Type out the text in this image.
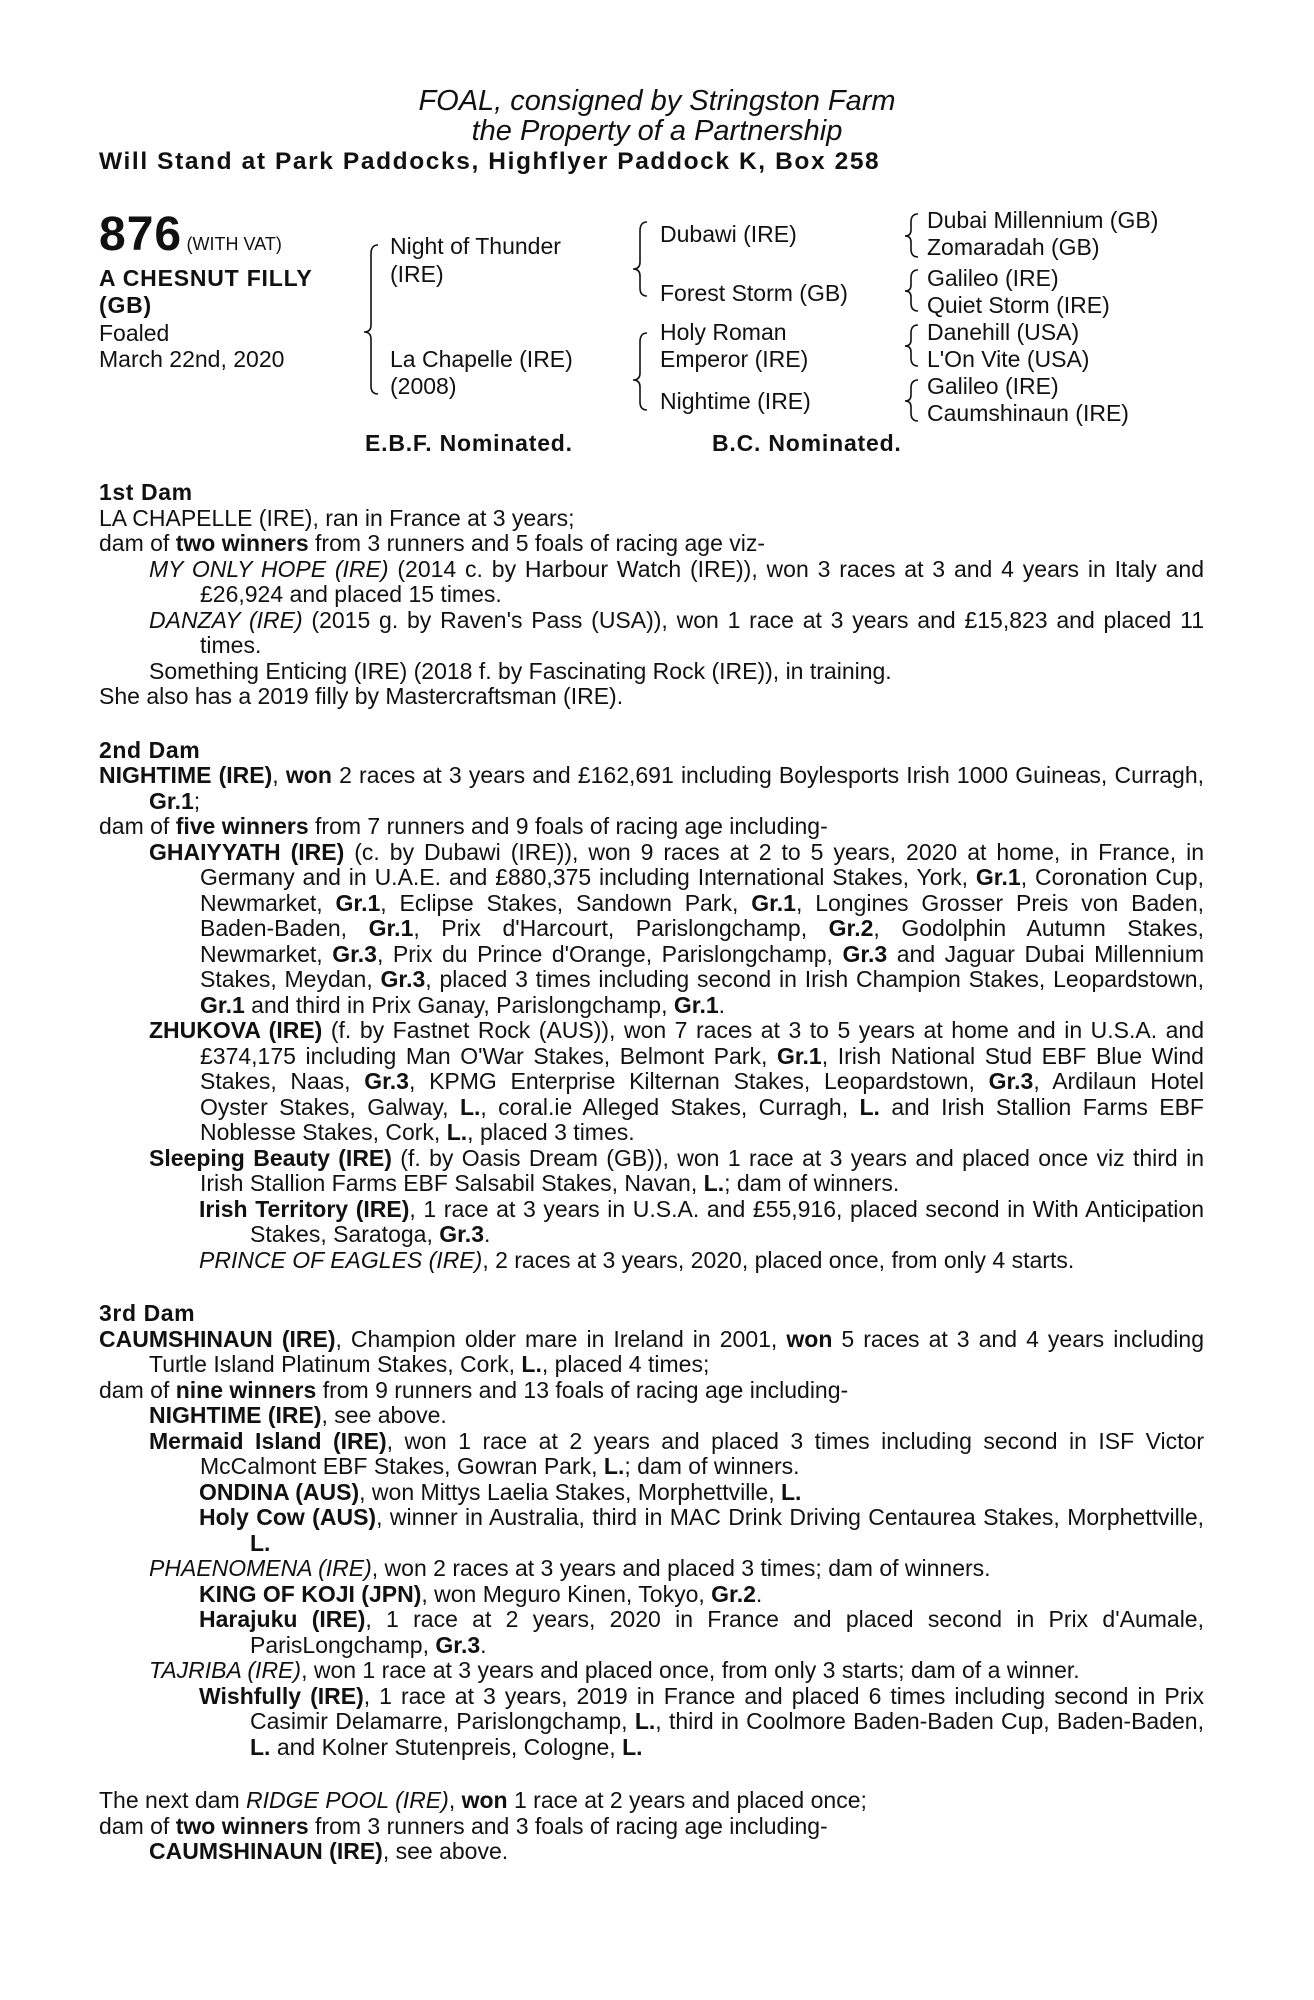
FOAL, consigned by Stringston Farm
the Property of a Partnership
Will Stand at Park Paddocks, Highflyer Paddock K, Box 258
876 (WITH VAT)
A CHESNUT FILLY
(GB)
Foaled
March 22nd, 2020
Night of Thunder
(IRE)
La Chapelle (IRE)
(2008)
Dubawi (IRE)
Forest Storm (GB)
Holy Roman
Emperor (IRE)
Nightime (IRE)
Dubai Millennium (GB)
Zomaradah (GB)
Galileo (IRE)
Quiet Storm (IRE)
Danehill (USA)
L'On Vite (USA)
Galileo (IRE)
Caumshinaun (IRE)
E.B.F. Nominated.	B.C. Nominated.

1st Dam

LA CHAPELLE (IRE), ran in France at 3 years;

dam of two winners from 3 runners and 5 foals of racing age viz-

MY ONLY HOPE (IRE) (2014 c. by Harbour Watch (IRE)), won 3 races at 3 and 4 years in Italy and £26,924 and placed 15 times.

DANZAY (IRE) (2015 g. by Raven's Pass (USA)), won 1 race at 3 years and £15,823 and placed 11 times.

Something Enticing (IRE) (2018 f. by Fascinating Rock (IRE)), in training.

She also has a 2019 filly by Mastercraftsman (IRE).

2nd Dam

NIGHTIME (IRE), won 2 races at 3 years and £162,691 including Boylesports Irish 1000 Guineas, Curragh, Gr.1;

dam of five winners from 7 runners and 9 foals of racing age including-

GHAIYYATH (IRE) (c. by Dubawi (IRE)), won 9 races at 2 to 5 years, 2020 at home, in France, in Germany and in U.A.E. and £880,375 including International Stakes, York, Gr.1, Coronation Cup, Newmarket, Gr.1, Eclipse Stakes, Sandown Park, Gr.1, Longines Grosser Preis von Baden, Baden-Baden, Gr.1, Prix d'Harcourt, Parislongchamp, Gr.2, Godolphin Autumn Stakes, Newmarket, Gr.3, Prix du Prince d'Orange, Parislongchamp, Gr.3 and Jaguar Dubai Millennium Stakes, Meydan, Gr.3, placed 3 times including second in Irish Champion Stakes, Leopardstown, Gr.1 and third in Prix Ganay, Parislongchamp, Gr.1.

ZHUKOVA (IRE) (f. by Fastnet Rock (AUS)), won 7 races at 3 to 5 years at home and in U.S.A. and £374,175 including Man O'War Stakes, Belmont Park, Gr.1, Irish National Stud EBF Blue Wind Stakes, Naas, Gr.3, KPMG Enterprise Kilternan Stakes, Leopardstown, Gr.3, Ardilaun Hotel Oyster Stakes, Galway, L., coral.ie Alleged Stakes, Curragh, L. and Irish Stallion Farms EBF Noblesse Stakes, Cork, L., placed 3 times.

Sleeping Beauty (IRE) (f. by Oasis Dream (GB)), won 1 race at 3 years and placed once viz third in Irish Stallion Farms EBF Salsabil Stakes, Navan, L.; dam of winners.

Irish Territory (IRE), 1 race at 3 years in U.S.A. and £55,916, placed second in With Anticipation Stakes, Saratoga, Gr.3.

PRINCE OF EAGLES (IRE), 2 races at 3 years, 2020, placed once, from only 4 starts.

3rd Dam

CAUMSHINAUN (IRE), Champion older mare in Ireland in 2001, won 5 races at 3 and 4 years including Turtle Island Platinum Stakes, Cork, L., placed 4 times;

dam of nine winners from 9 runners and 13 foals of racing age including-

NIGHTIME (IRE), see above.

Mermaid Island (IRE), won 1 race at 2 years and placed 3 times including second in ISF Victor McCalmont EBF Stakes, Gowran Park, L.; dam of winners.

ONDINA (AUS), won Mittys Laelia Stakes, Morphettville, L.

Holy Cow (AUS), winner in Australia, third in MAC Drink Driving Centaurea Stakes, Morphettville, L.

PHAENOMENA (IRE), won 2 races at 3 years and placed 3 times; dam of winners.

KING OF KOJI (JPN), won Meguro Kinen, Tokyo, Gr.2.

Harajuku (IRE), 1 race at 2 years, 2020 in France and placed second in Prix d'Aumale, ParisLongchamp, Gr.3.

TAJRIBA (IRE), won 1 race at 3 years and placed once, from only 3 starts; dam of a winner.

Wishfully (IRE), 1 race at 3 years, 2019 in France and placed 6 times including second in Prix Casimir Delamarre, Parislongchamp, L., third in Coolmore Baden-Baden Cup, Baden-Baden, L. and Kolner Stutenpreis, Cologne, L.

The next dam RIDGE POOL (IRE), won 1 race at 2 years and placed once;

dam of two winners from 3 runners and 3 foals of racing age including-

CAUMSHINAUN (IRE), see above.
